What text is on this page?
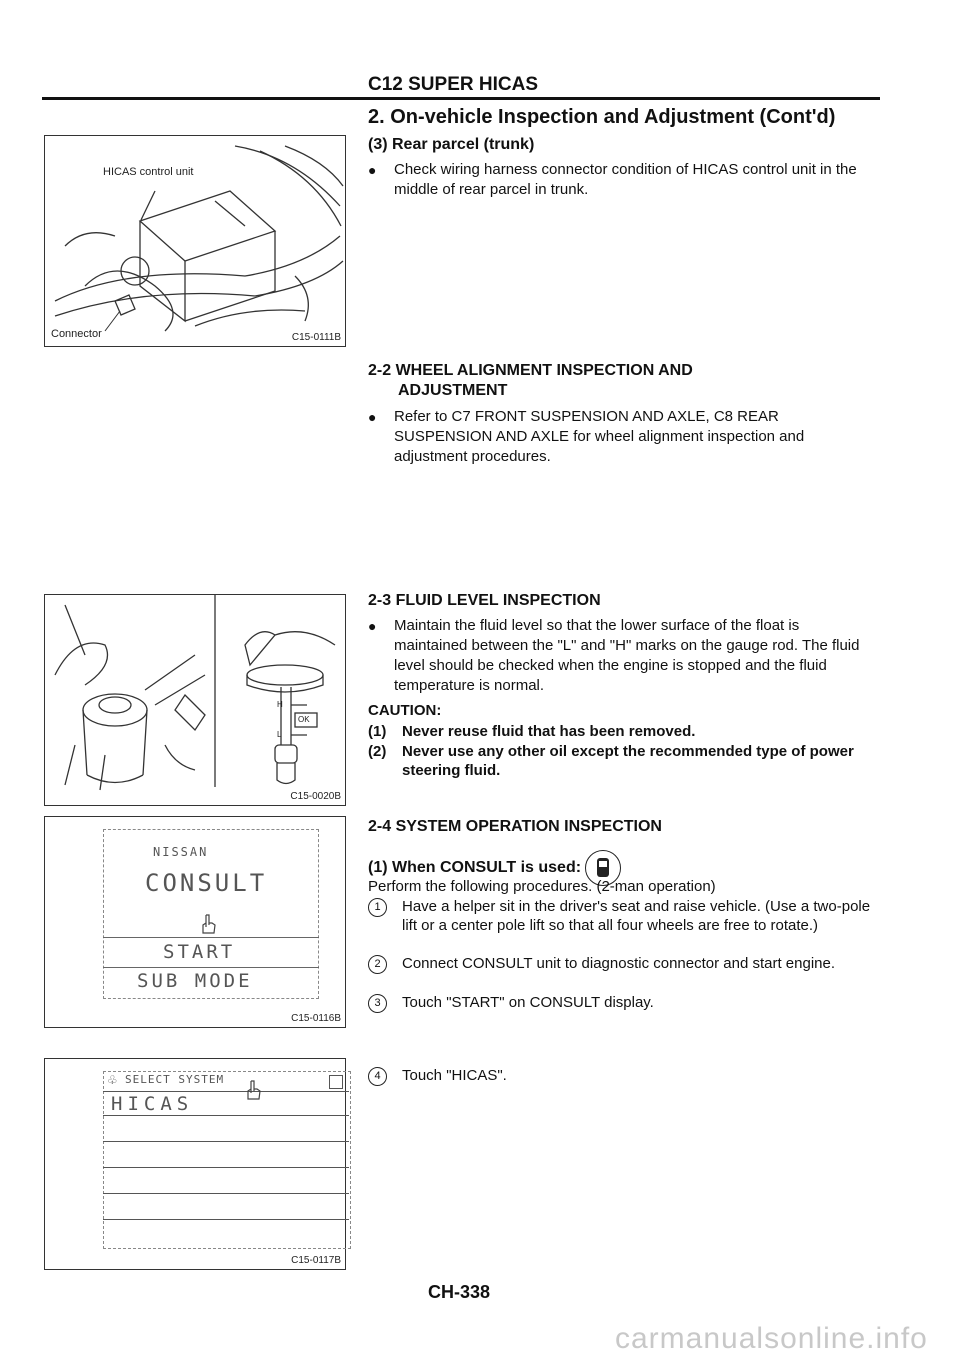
C12 SUPER HICAS
2. On-vehicle Inspection and Adjustment (Cont'd)
HICAS control unit
Connector	C15-0111B
(3) Rear parcel (trunk)
●	Check wiring harness connector condition of HICAS control unit in the middle of rear parcel in trunk.
2-2 WHEEL ALIGNMENT INSPECTION AND
ADJUSTMENT
●	Refer to C7 FRONT SUSPENSION AND AXLE, C8 REAR SUSPENSION AND AXLE for wheel alignment inspection and adjustment procedures.
H
OK
L
C15-0020B
2-3 FLUID LEVEL INSPECTION
●	Maintain the fluid level so that the lower surface of the float is maintained between the "L" and "H" marks on the gauge rod. The fluid level should be checked when the engine is stopped and the fluid temperature is normal.
CAUTION:
(1)	Never reuse fluid that has been removed.
(2)	Never use any other oil except the recommended type of power steering fluid.
NISSAN
CONSULT
START
SUB MODE
C15-0116B
2-4 SYSTEM OPERATION INSPECTION
(1) When CONSULT is used:
Perform the following procedures. (2-man operation)
1	Have a helper sit in the driver's seat and raise vehicle. (Use a two-pole lift or a center pole lift so that all four wheels are free to rotate.)
2	Connect CONSULT unit to diagnostic connector and start engine.
3	Touch "START" on CONSULT display.
4	Touch "HICAS".
♧ SELECT SYSTEM
HICAS
C15-0117B
CH-338
carmanualsonline.info
